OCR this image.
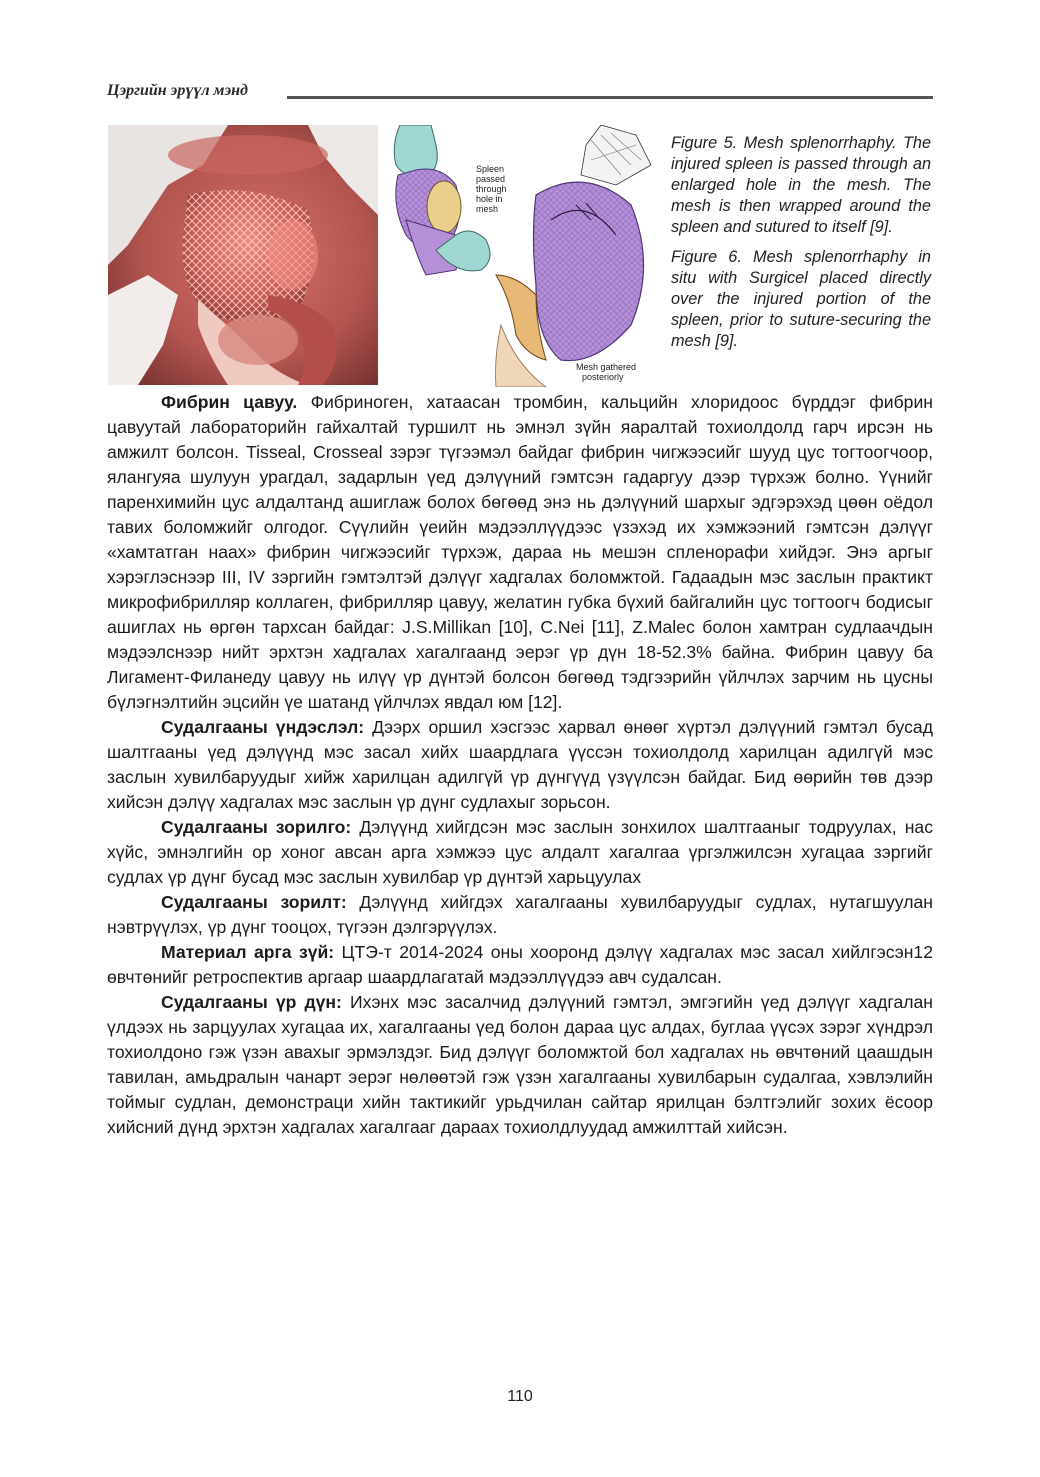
Цэргийн эрүүл мэнд
Spleen passed through hole in mesh
Mesh gathered posteriorly

Figure 5. Mesh splenorrhaphy. The injured spleen is passed through an enlarged hole in the mesh. The mesh is then wrapped around the spleen and sutured to itself [9].

Figure 6. Mesh splenorrhaphy in situ with Surgicel placed directly over the injured portion of the spleen, prior to suture-securing the mesh [9].

Фибрин цавуу. Фибриноген, хатаасан тромбин, кальцийн хлоридоос бүрддэг фибрин цавуутай лабораторийн гайхалтай туршилт нь эмнэл зүйн яаралтай тохиолдолд гарч ирсэн нь амжилт болсон. Tisseal, Crosseal зэрэг түгээмэл байдаг фибрин чигжээсийг шууд цус тогтоогчоор, ялангуяа шулуун урагдал, задарлын үед дэлүүний гэмтсэн гадаргуу дээр түрхэж болно. Үүнийг паренхимийн цус алдалтанд ашиглаж болох бөгөөд энэ нь дэлүүний шархыг эдгэрэхэд цөөн оёдол тавих боломжийг олгодог. Сүүлийн үеийн мэдээллүүдээс үзэхэд их хэмжээний гэмтсэн дэлүүг «хамтатган наах» фибрин чигжээсийг түрхэж, дараа нь мешэн спленорафи хийдэг. Энэ аргыг хэрэглэснээр III, IV зэргийн гэмтэлтэй дэлүүг хадгалах боломжтой. Гадаадын мэс заслын практикт микрофибрилляр коллаген, фибрилляр цавуу, желатин губка бүхий байгалийн цус тогтоогч бодисыг ашиглах нь өргөн тархсан байдаг: J.S.Millikan [10], C.Nei [11], Z.Malec болон хамтран судлаачдын мэдээлснээр нийт эрхтэн хадгалах хагалгаанд эерэг үр дүн 18-52.3% байна. Фибрин цавуу ба Лигамент-Филанеду цавуу нь илүү үр дүнтэй болсон бөгөөд тэдгээрийн үйлчлэх зарчим нь цусны бүлэгнэлтийн эцсийн үе шатанд үйлчлэх явдал юм [12].

Судалгааны үндэслэл: Дээрх оршил хэсгээс харвал өнөөг хүртэл дэлүүний гэмтэл бусад шалтгааны үед дэлүүнд мэс засал хийх шаардлага үүссэн тохиолдолд харилцан адилгүй мэс заслын хувилбаруудыг хийж харилцан адилгүй үр дүнгүүд үзүүлсэн байдаг. Бид өөрийн төв дээр хийсэн дэлүү хадгалах мэс заслын үр дүнг судлахыг зорьсон.

Судалгааны зорилго: Дэлүүнд хийгдсэн мэс заслын зонхилох шалтгааныг тодруулах, нас хүйс, эмнэлгийн ор хоног авсан арга хэмжээ цус алдалт хагалгаа үргэлжилсэн хугацаа зэргийг судлах үр дүнг бусад мэс заслын хувилбар үр дүнтэй харьцуулах

Судалгааны зорилт: Дэлүүнд хийгдэх хагалгааны хувилбаруудыг судлах, нутагшуулан нэвтрүүлэх, үр дүнг тооцох, түгээн дэлгэрүүлэх.

Материал арга зүй: ЦТЭ-т 2014-2024 оны хооронд дэлүү хадгалах мэс засал хийлгэсэн12 өвчтөнийг ретроспектив аргаар шаардлагатай мэдээллүүдээ авч судалсан.

Судалгааны үр дүн: Ихэнх мэс засалчид дэлүүний гэмтэл, эмгэгийн үед дэлүүг хадгалан үлдээх нь зарцуулах хугацаа их, хагалгааны үед болон дараа цус алдах, буглаа үүсэх зэрэг хүндрэл тохиолдоно гэж үзэн авахыг эрмэлздэг. Бид дэлүүг боломжтой бол хадгалах нь өвчтөний цаашдын тавилан, амьдралын чанарт эерэг нөлөөтэй гэж үзэн хагалгааны хувилбарын судалгаа, хэвлэлийн тоймыг судлан, демонстраци хийн тактикийг урьдчилан сайтар ярилцан бэлтгэлийг зохих ёсоор хийсний дүнд эрхтэн хадгалах хагалгааг дараах тохиолдлуудад амжилттай хийсэн.

110
